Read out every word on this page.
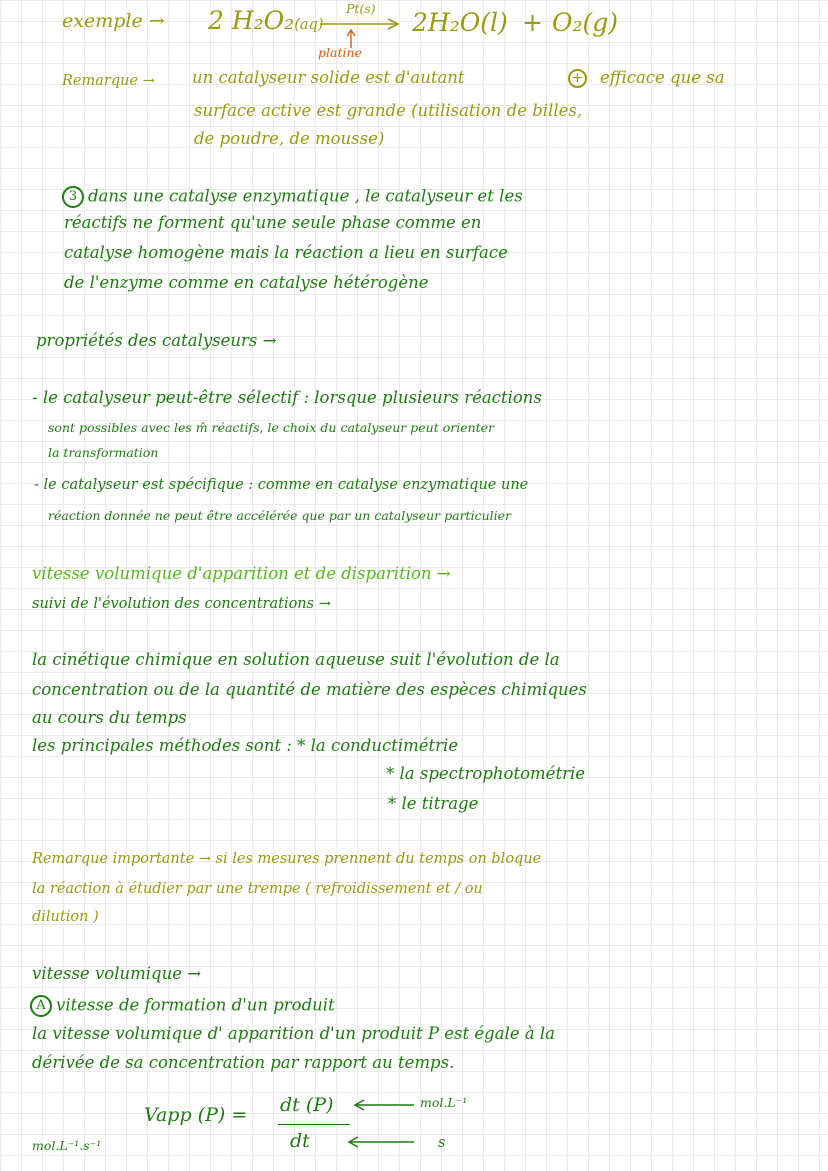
exemple → 2 H₂O₂(aq)
Pt(s)
platine
2H₂O(l) + O₂(g)
Remarque → un catalyseur solide est d'autant	+ efficace que sa
surface active est grande (utilisation de billes,
de poudre, de mousse)
3 dans une catalyse enzymatique , le catalyseur et les
réactifs ne forment qu'une seule phase comme en
catalyse homogène mais la réaction a lieu en surface
de l'enzyme comme en catalyse hétérogène
propriétés des catalyseurs →
- le catalyseur peut-être sélectif : lorsque plusieurs réactions
sont possibles avec les m̂ réactifs, le choix du catalyseur peut orienter
la transformation
- le catalyseur est spécifique : comme en catalyse enzymatique une
réaction donnée ne peut être accélérée que par un catalyseur particulier
vitesse volumique d'apparition et de disparition →
suivi de l'évolution des concentrations →
la cinétique chimique en solution aqueuse suit l'évolution de la
concentration ou de la quantité de matière des espèces chimiques
au cours du temps
les principales méthodes sont : * la conductimétrie
* la spectrophotométrie
* le titrage
Remarque importante → si les mesures prennent du temps on bloque
la réaction à étudier par une trempe ( refroidissement et / ou
dilution )
vitesse volumique →
A vitesse de formation d'un produit
la vitesse volumique d' apparition d'un produit P est égale à la
dérivée de sa concentration par rapport au temps.
Vapp (P) = dt (P)
dt
mol.L⁻¹
s
mol.L⁻¹.s⁻¹
